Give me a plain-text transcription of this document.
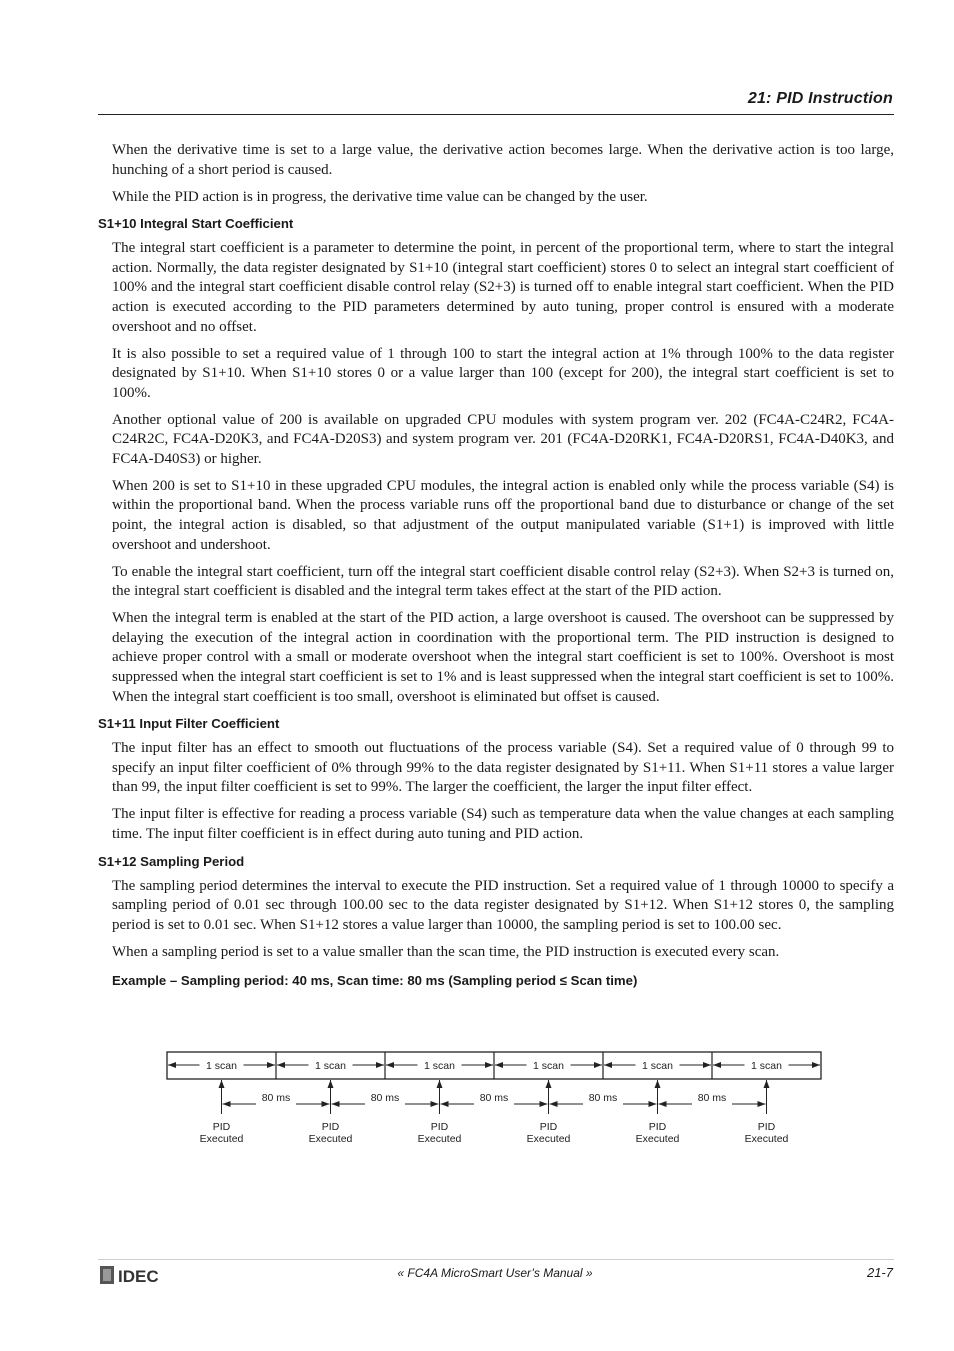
21: PID Instruction

When the derivative time is set to a large value, the derivative action becomes large. When the derivative action is too large, hunching of a short period is caused.

While the PID action is in progress, the derivative time value can be changed by the user.

S1+10 Integral Start Coefficient

The integral start coefficient is a parameter to determine the point, in percent of the proportional term, where to start the integral action. Normally, the data register designated by S1+10 (integral start coefficient) stores 0 to select an integral start coefficient of 100% and the integral start coefficient disable control relay (S2+3) is turned off to enable integral start coefficient. When the PID action is executed according to the PID parameters determined by auto tuning, proper control is ensured with a moderate overshoot and no offset.

It is also possible to set a required value of 1 through 100 to start the integral action at 1% through 100% to the data register designated by S1+10. When S1+10 stores 0 or a value larger than 100 (except for 200), the integral start coefficient is set to 100%.

Another optional value of 200 is available on upgraded CPU modules with system program ver. 202 (FC4A-C24R2, FC4A-C24R2C, FC4A-D20K3, and FC4A-D20S3) and system program ver. 201 (FC4A-D20RK1, FC4A-D20RS1, FC4A-D40K3, and FC4A-D40S3) or higher.

When 200 is set to S1+10 in these upgraded CPU modules, the integral action is enabled only while the process variable (S4) is within the proportional band. When the process variable runs off the proportional band due to disturbance or change of the set point, the integral action is disabled, so that adjustment of the output manipulated variable (S1+1) is improved with little overshoot and undershoot.

To enable the integral start coefficient, turn off the integral start coefficient disable control relay (S2+3). When S2+3 is turned on, the integral start coefficient is disabled and the integral term takes effect at the start of the PID action.

When the integral term is enabled at the start of the PID action, a large overshoot is caused. The overshoot can be suppressed by delaying the execution of the integral action in coordination with the proportional term. The PID instruction is designed to achieve proper control with a small or moderate overshoot when the integral start coefficient is set to 100%. Overshoot is most suppressed when the integral start coefficient is set to 1% and is least suppressed when the integral start coefficient is set to 100%. When the integral start coefficient is too small, overshoot is eliminated but offset is caused.

S1+11 Input Filter Coefficient

The input filter has an effect to smooth out fluctuations of the process variable (S4). Set a required value of 0 through 99 to specify an input filter coefficient of 0% through 99% to the data register designated by S1+11. When S1+11 stores a value larger than 99, the input filter coefficient is set to 99%. The larger the coefficient, the larger the input filter effect.

The input filter is effective for reading a process variable (S4) such as temperature data when the value changes at each sampling time. The input filter coefficient is in effect during auto tuning and PID action.

S1+12 Sampling Period

The sampling period determines the interval to execute the PID instruction. Set a required value of 1 through 10000 to specify a sampling period of 0.01 sec through 100.00 sec to the data register designated by S1+12. When S1+12 stores 0, the sampling period is set to 0.01 sec. When S1+12 stores a value larger than 10000, the sampling period is set to 100.00 sec.

When a sampling period is set to a value smaller than the scan time, the PID instruction is executed every scan.

Example – Sampling period: 40 ms, Scan time: 80 ms (Sampling period ≤ Scan time)
1 scan	1 scan	1 scan	1 scan	1 scan	1 scan
PID
Executed
PID
Executed
PID
Executed
PID
Executed
PID
Executed
PID
Executed
80 ms	80 ms	80 ms	80 ms	80 ms
IDEC	« FC4A MicroSmart User’s Manual »	21-7
